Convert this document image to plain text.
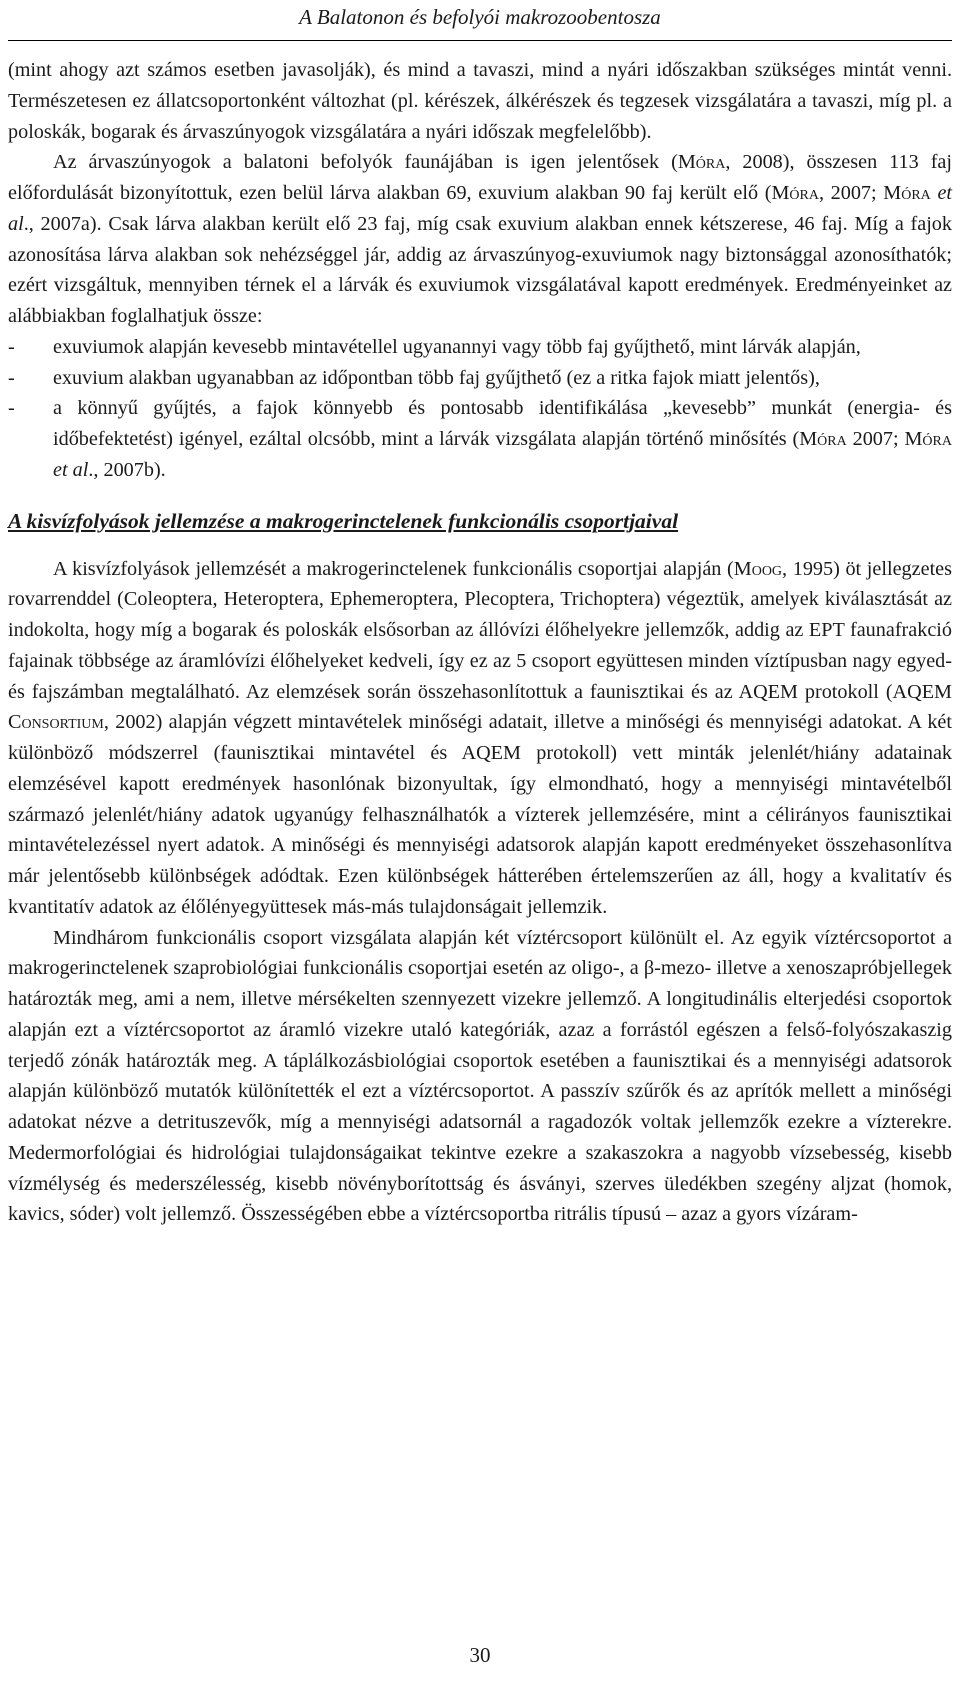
A Balatonon és befolyói makrozoobentosza

(mint ahogy azt számos esetben javasolják), és mind a tavaszi, mind a nyári időszakban szükséges mintát venni. Természetesen ez állatcsoportonként változhat (pl. kérészek, álkérészek és tegzesek vizsgálatára a tavaszi, míg pl. a poloskák, bogarak és árvaszúnyogok vizsgálatára a nyári időszak megfelelőbb).

Az árvaszúnyogok a balatoni befolyók faunájában is igen jelentősek (Móra, 2008), összesen 113 faj előfordulását bizonyítottuk, ezen belül lárva alakban 69, exuvium alakban 90 faj került elő (Móra, 2007; Móra et al., 2007a). Csak lárva alakban került elő 23 faj, míg csak exuvium alakban ennek kétszerese, 46 faj. Míg a fajok azonosítása lárva alakban sok nehézséggel jár, addig az árvaszúnyog-exuviumok nagy biztonsággal azonosíthatók; ezért vizsgáltuk, mennyiben térnek el a lárvák és exuviumok vizsgálatával kapott eredmények. Eredményeinket az alábbiakban foglalhatjuk össze:

- exuviumok alapján kevesebb mintavétellel ugyanannyi vagy több faj gyűjthető, mint lárvák alapján,
- exuvium alakban ugyanabban az időpontban több faj gyűjthető (ez a ritka fajok miatt jelentős),
- a könnyű gyűjtés, a fajok könnyebb és pontosabb identifikálása „kevesebb” munkát (energia- és időbefektetést) igényel, ezáltal olcsóbb, mint a lárvák vizsgálata alapján történő minősítés (Móra 2007; Móra et al., 2007b).

A kisvízfolyások jellemzése a makrogerinctelenek funkcionális csoportjaival

A kisvízfolyások jellemzését a makrogerinctelenek funkcionális csoportjai alapján (Moog, 1995) öt jellegzetes rovarrenddel (Coleoptera, Heteroptera, Ephemeroptera, Plecoptera, Trichoptera) végeztük, amelyek kiválasztását az indokolta, hogy míg a bogarak és poloskák elsősorban az állóvízi élőhelyekre jellemzők, addig az EPT faunafrakció fajainak többsége az áramlóvízi élőhelyeket kedveli, így ez az 5 csoport együttesen minden víztípusban nagy egyed- és fajszámban megtalálható. Az elemzések során összehasonlítottuk a faunisztikai és az AQEM protokoll (AQEM Consortium, 2002) alapján végzett mintavételek minőségi adatait, illetve a minőségi és mennyiségi adatokat. A két különböző módszerrel (faunisztikai mintavétel és AQEM protokoll) vett minták jelenlét/hiány adatainak elemzésével kapott eredmények hasonlónak bizonyultak, így elmondható, hogy a mennyiségi mintavételből származó jelenlét/hiány adatok ugyanúgy felhasználhatók a vízterek jellemzésére, mint a célirányos faunisztikai mintavételezéssel nyert adatok. A minőségi és mennyiségi adatsorok alapján kapott eredményeket összehasonlítva már jelentősebb különbségek adódtak. Ezen különbségek hátterében értelemszerűen az áll, hogy a kvalitatív és kvantitatív adatok az élőlényegyüttesek más-más tulajdonságait jellemzik.

Mindhárom funkcionális csoport vizsgálata alapján két víztércsoport különült el. Az egyik víztércsoportot a makrogerinctelenek szaprobiológiai funkcionális csoportjai esetén az oligo-, a β-mezo- illetve a xenoszapróbjellegek határozták meg, ami a nem, illetve mérsékelten szennyezett vizekre jellemző. A longitudinális elterjedési csoportok alapján ezt a víztércsoportot az áramló vizekre utaló kategóriák, azaz a forrástól egészen a felső-folyószakaszig terjedő zónák határozták meg. A táplálkozásbiológiai csoportok esetében a faunisztikai és a mennyiségi adatsorok alapján különböző mutatók különítették el ezt a víztércsoportot. A passzív szűrők és az aprítók mellett a minőségi adatokat nézve a detrituszevők, míg a mennyiségi adatsornál a ragadozók voltak jellemzők ezekre a vízterekre. Medermorfológiai és hidrológiai tulajdonságaikat tekintve ezekre a szakaszokra a nagyobb vízsebesség, kisebb vízmélység és mederszélesség, kisebb növényborítottság és ásványi, szerves üledékben szegény aljzat (homok, kavics, sóder) volt jellemző. Összességében ebbe a víztércsoportba ritrális típusú – azaz a gyors vízáram-

30
